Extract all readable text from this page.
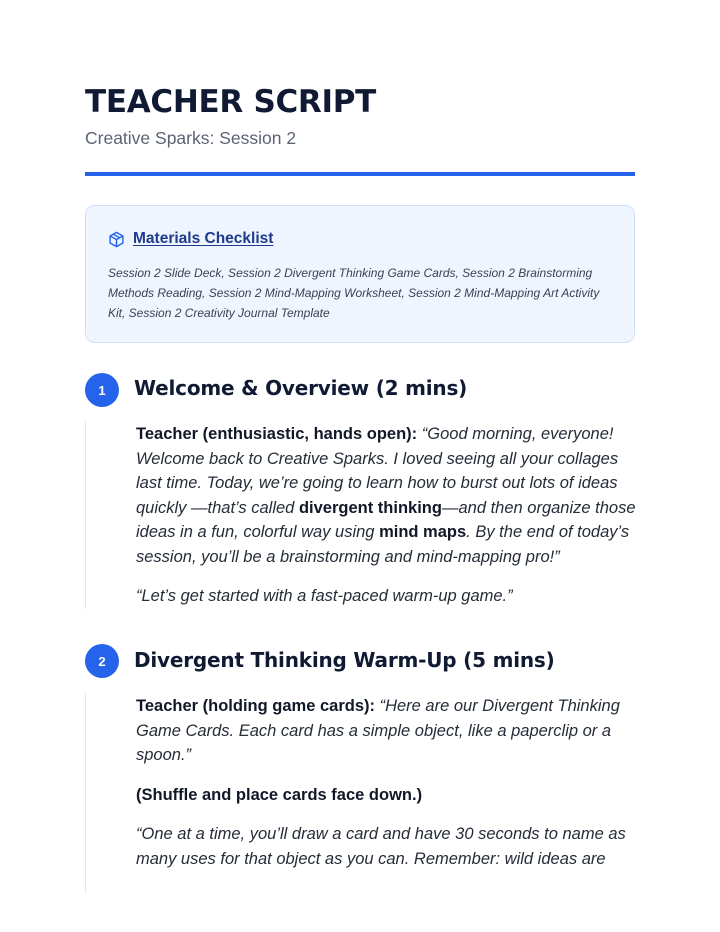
TEACHER SCRIPT
Creative Sparks: Session 2
Materials Checklist

Session 2 Slide Deck, Session 2 Divergent Thinking Game Cards, Session 2 Brainstorming Methods Reading, Session 2 Mind-Mapping Worksheet, Session 2 Mind-Mapping Art Activity Kit, Session 2 Creativity Journal Template

1	Welcome & Overview (2 mins)

Teacher (enthusiastic, hands open): “Good morning, everyone! Welcome back to Creative Sparks. I loved seeing all your collages last time. Today, we’re going to learn how to burst out lots of ideas quickly —that’s called divergent thinking—and then organize those ideas in a fun, colorful way using mind maps. By the end of today’s session, you’ll be a brainstorming and mind-mapping pro!”

“Let’s get started with a fast-paced warm-up game.”

2	Divergent Thinking Warm-Up (5 mins)

Teacher (holding game cards): “Here are our Divergent Thinking Game Cards. Each card has a simple object, like a paperclip or a spoon.”

(Shuffle and place cards face down.)

“One at a time, you’ll draw a card and have 30 seconds to name as many uses for that object as you can. Remember: wild ideas are
